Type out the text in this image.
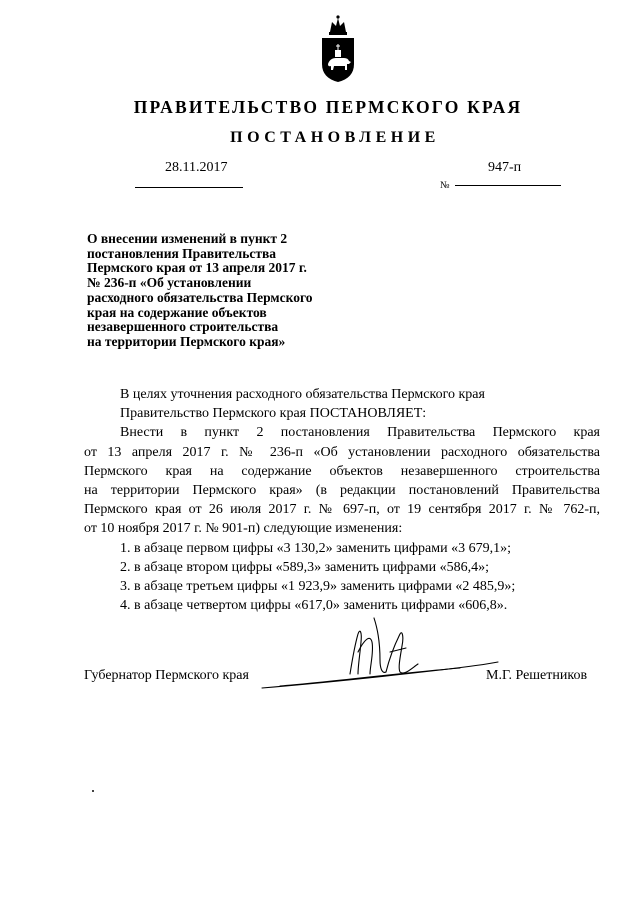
ПРАВИТЕЛЬСТВО ПЕРМСКОГО КРАЯ
ПОСТАНОВЛЕНИЕ
28.11.2017
№
947-п
О внесении изменений в пункт 2
постановления Правительства
Пермского края от 13 апреля 2017 г.
№ 236-п «Об установлении
расходного обязательства Пермского
края на содержание объектов
незавершенного строительства
на территории Пермского края»
В целях уточнения расходного обязательства Пермского края
Правительство Пермского края ПОСТАНОВЛЯЕТ:
Внести в пункт 2 постановления Правительства Пермского края
от 13 апреля 2017 г. № 236-п «Об установлении расходного обязательства
Пермского края на содержание объектов незавершенного строительства
на территории Пермского края» (в редакции постановлений Правительства
Пермского края от 26 июля 2017 г. № 697-п, от 19 сентября 2017 г. № 762-п,
от 10 ноября 2017 г. № 901-п) следующие изменения:
1. в абзаце первом цифры «3 130,2» заменить цифрами «3 679,1»;
2. в абзаце втором цифры «589,3» заменить цифрами «586,4»;
3. в абзаце третьем цифры «1 923,9» заменить цифрами «2 485,9»;
4. в абзаце четвертом цифры «617,0» заменить цифрами «606,8».
Губернатор Пермского края	М.Г. Решетников
